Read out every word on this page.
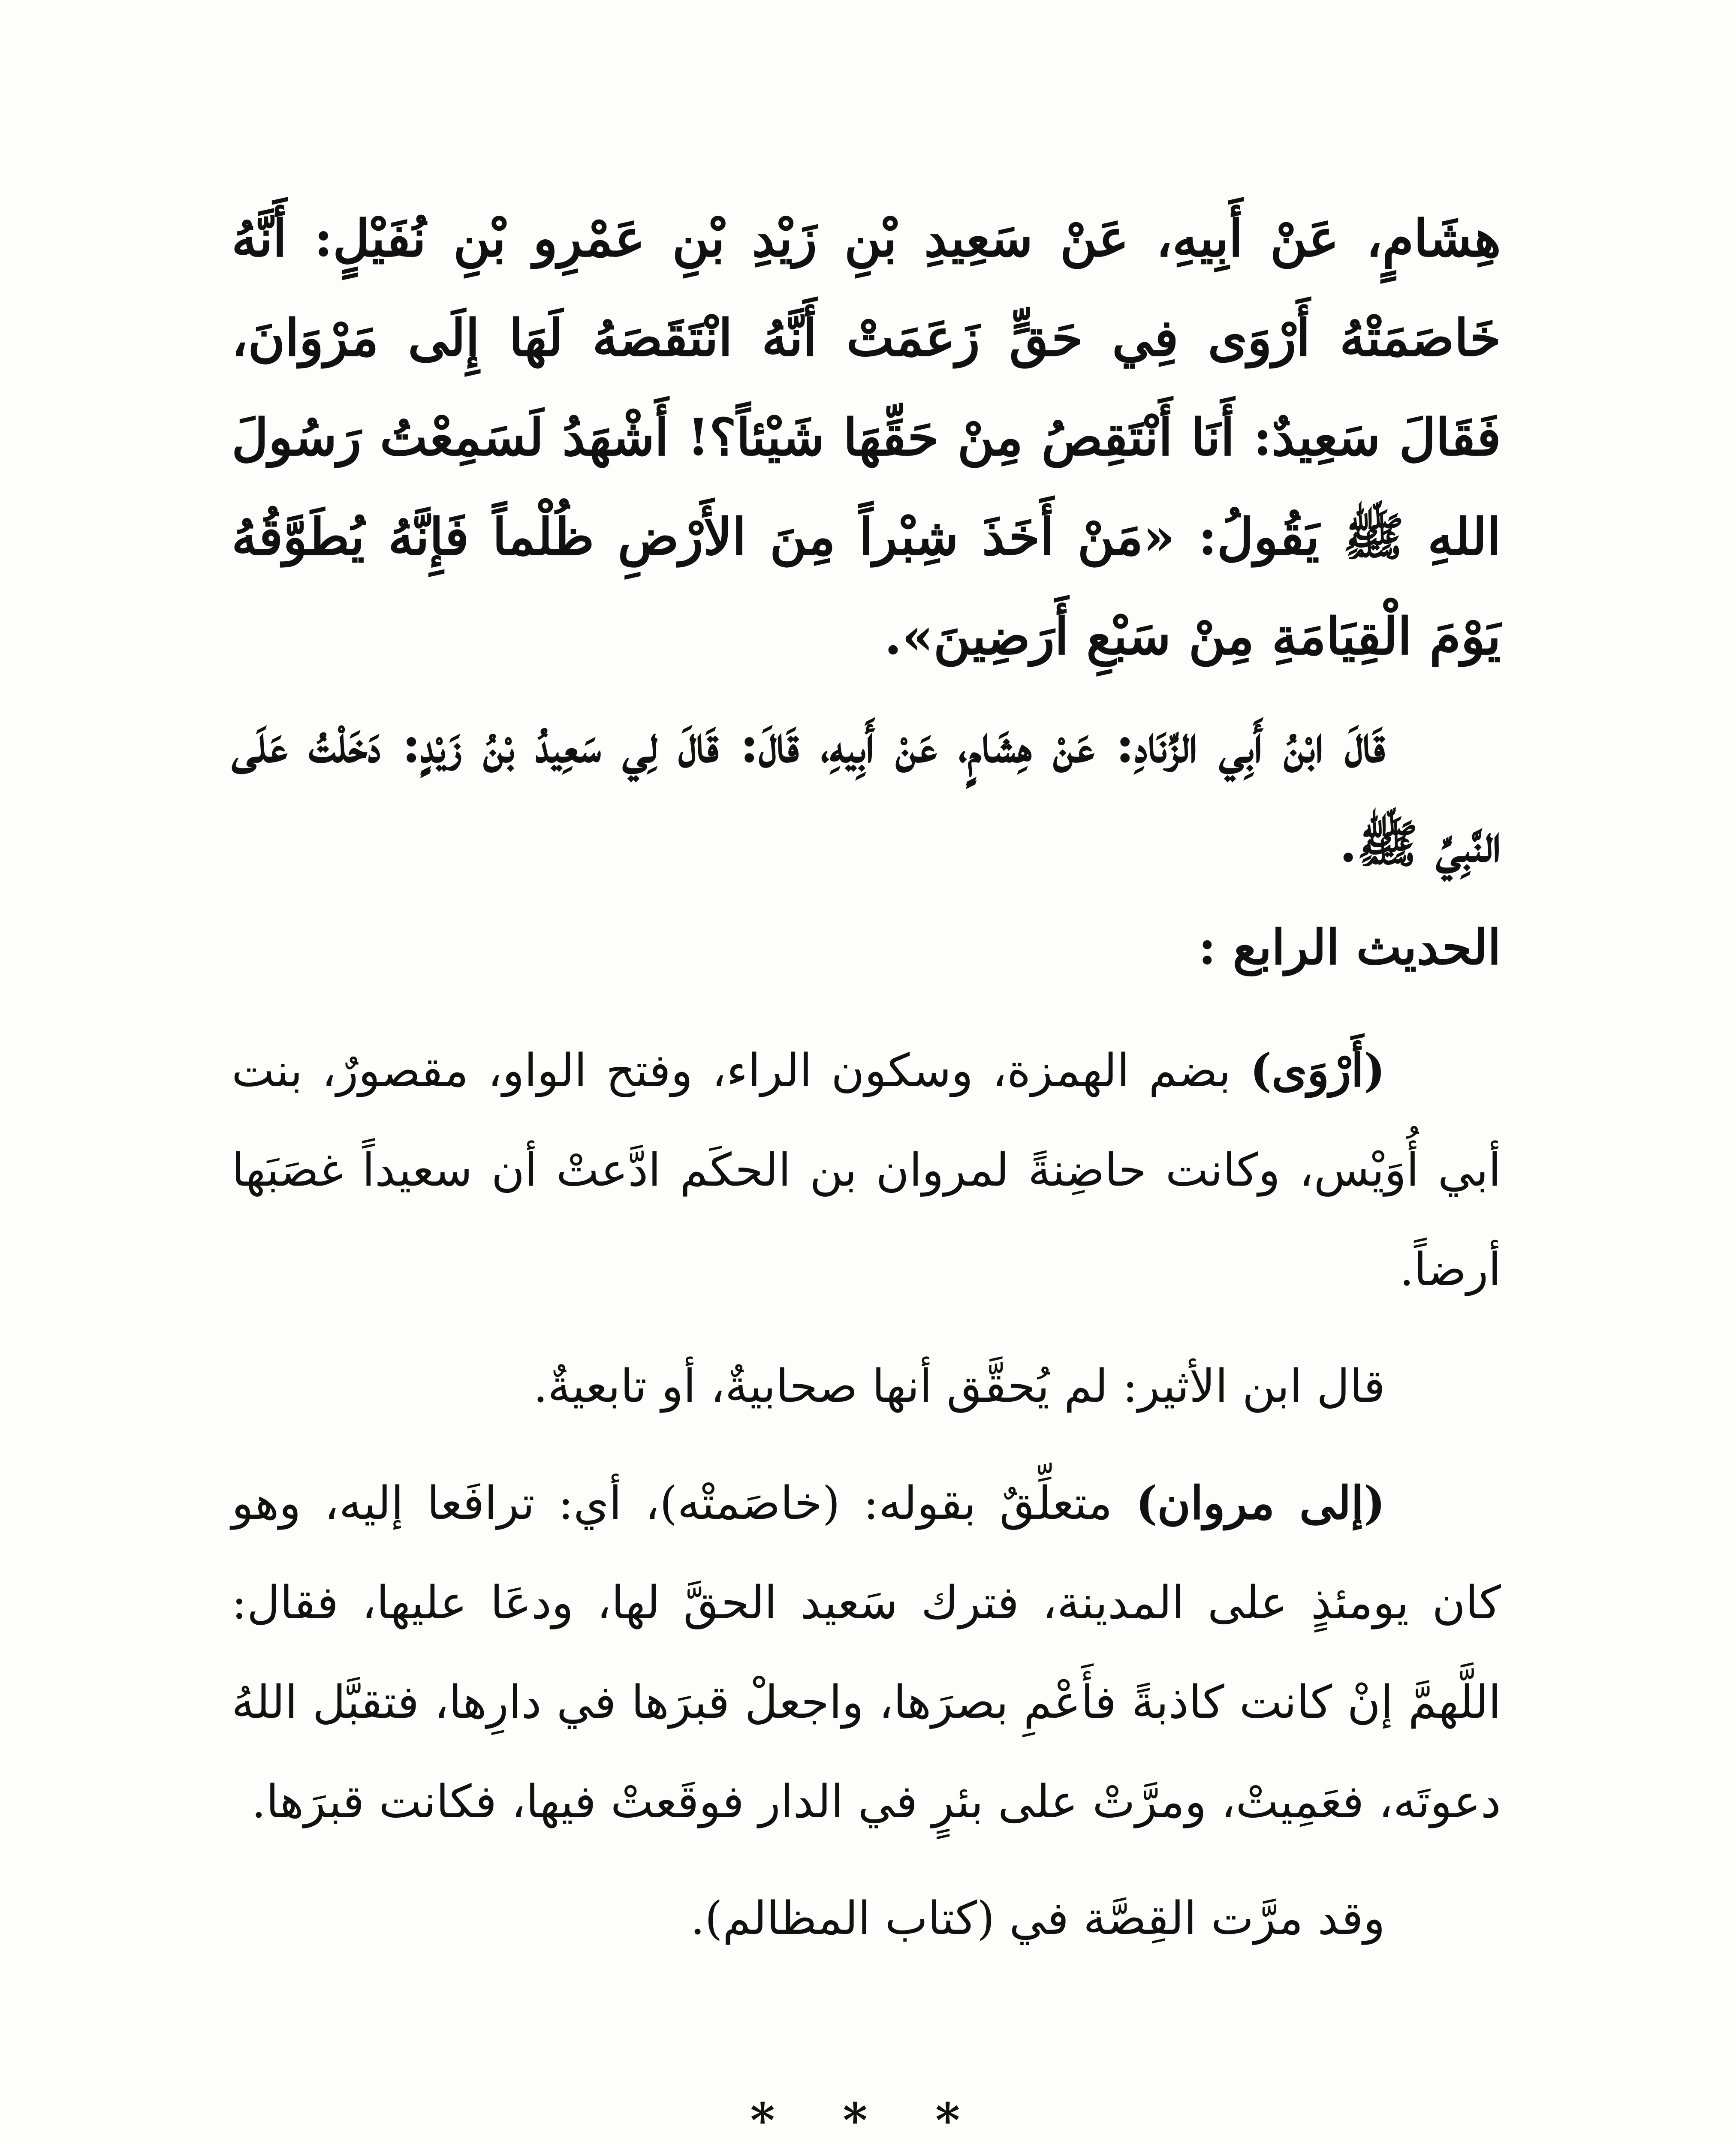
هِشَامٍ، عَنْ أَبِيهِ، عَنْ سَعِيدِ بْنِ زَيْدِ بْنِ عَمْرِو بْنِ نُفَيْلٍ: أَنَّهُ خَاصَمَتْهُ أَرْوَى فِي حَقٍّ زَعَمَتْ أَنَّهُ انْتَقَصَهُ لَهَا إِلَى مَرْوَانَ، فَقَالَ سَعِيدٌ: أَنَا أَنْتَقِصُ مِنْ حَقِّهَا شَيْئاً؟! أَشْهَدُ لَسَمِعْتُ رَسُولَ اللهِ ﷺ يَقُولُ: «مَنْ أَخَذَ شِبْراً مِنَ الأَرْضِ ظُلْماً فَإِنَّهُ يُطَوَّقُهُ يَوْمَ الْقِيَامَةِ مِنْ سَبْعِ أَرَضِينَ».

قَالَ ابْنُ أَبِي الزِّنَادِ: عَنْ هِشَامٍ، عَنْ أَبِيهِ، قَالَ: قَالَ لِي سَعِيدُ بْنُ زَيْدٍ: دَخَلْتُ عَلَى النَّبِيِّ ﷺ.

الحديث الرابع :

(أَرْوَى) بضم الهمزة، وسكون الراء، وفتح الواو، مقصورٌ، بنت أبي أُوَيْس، وكانت حاضِنةً لمروان بن الحكَم ادَّعتْ أن سعيداً غصَبَها أرضاً.

قال ابن الأثير: لم يُحقَّق أنها صحابيةٌ، أو تابعيةٌ.

(إلى مروان) متعلِّقٌ بقوله: (خاصَمتْه)، أي: ترافَعا إليه، وهو كان يومئذٍ على المدينة، فترك سَعيد الحقَّ لها، ودعَا عليها، فقال: اللَّهمَّ إنْ كانت كاذبةً فأَعْمِ بصرَها، واجعلْ قبرَها في دارِها، فتقبَّل اللهُ دعوتَه، فعَمِيتْ، ومرَّتْ على بئرٍ في الدار فوقَعتْ فيها، فكانت قبرَها.

وقد مرَّت القِصَّة في (كتاب المظالم).

* * *
